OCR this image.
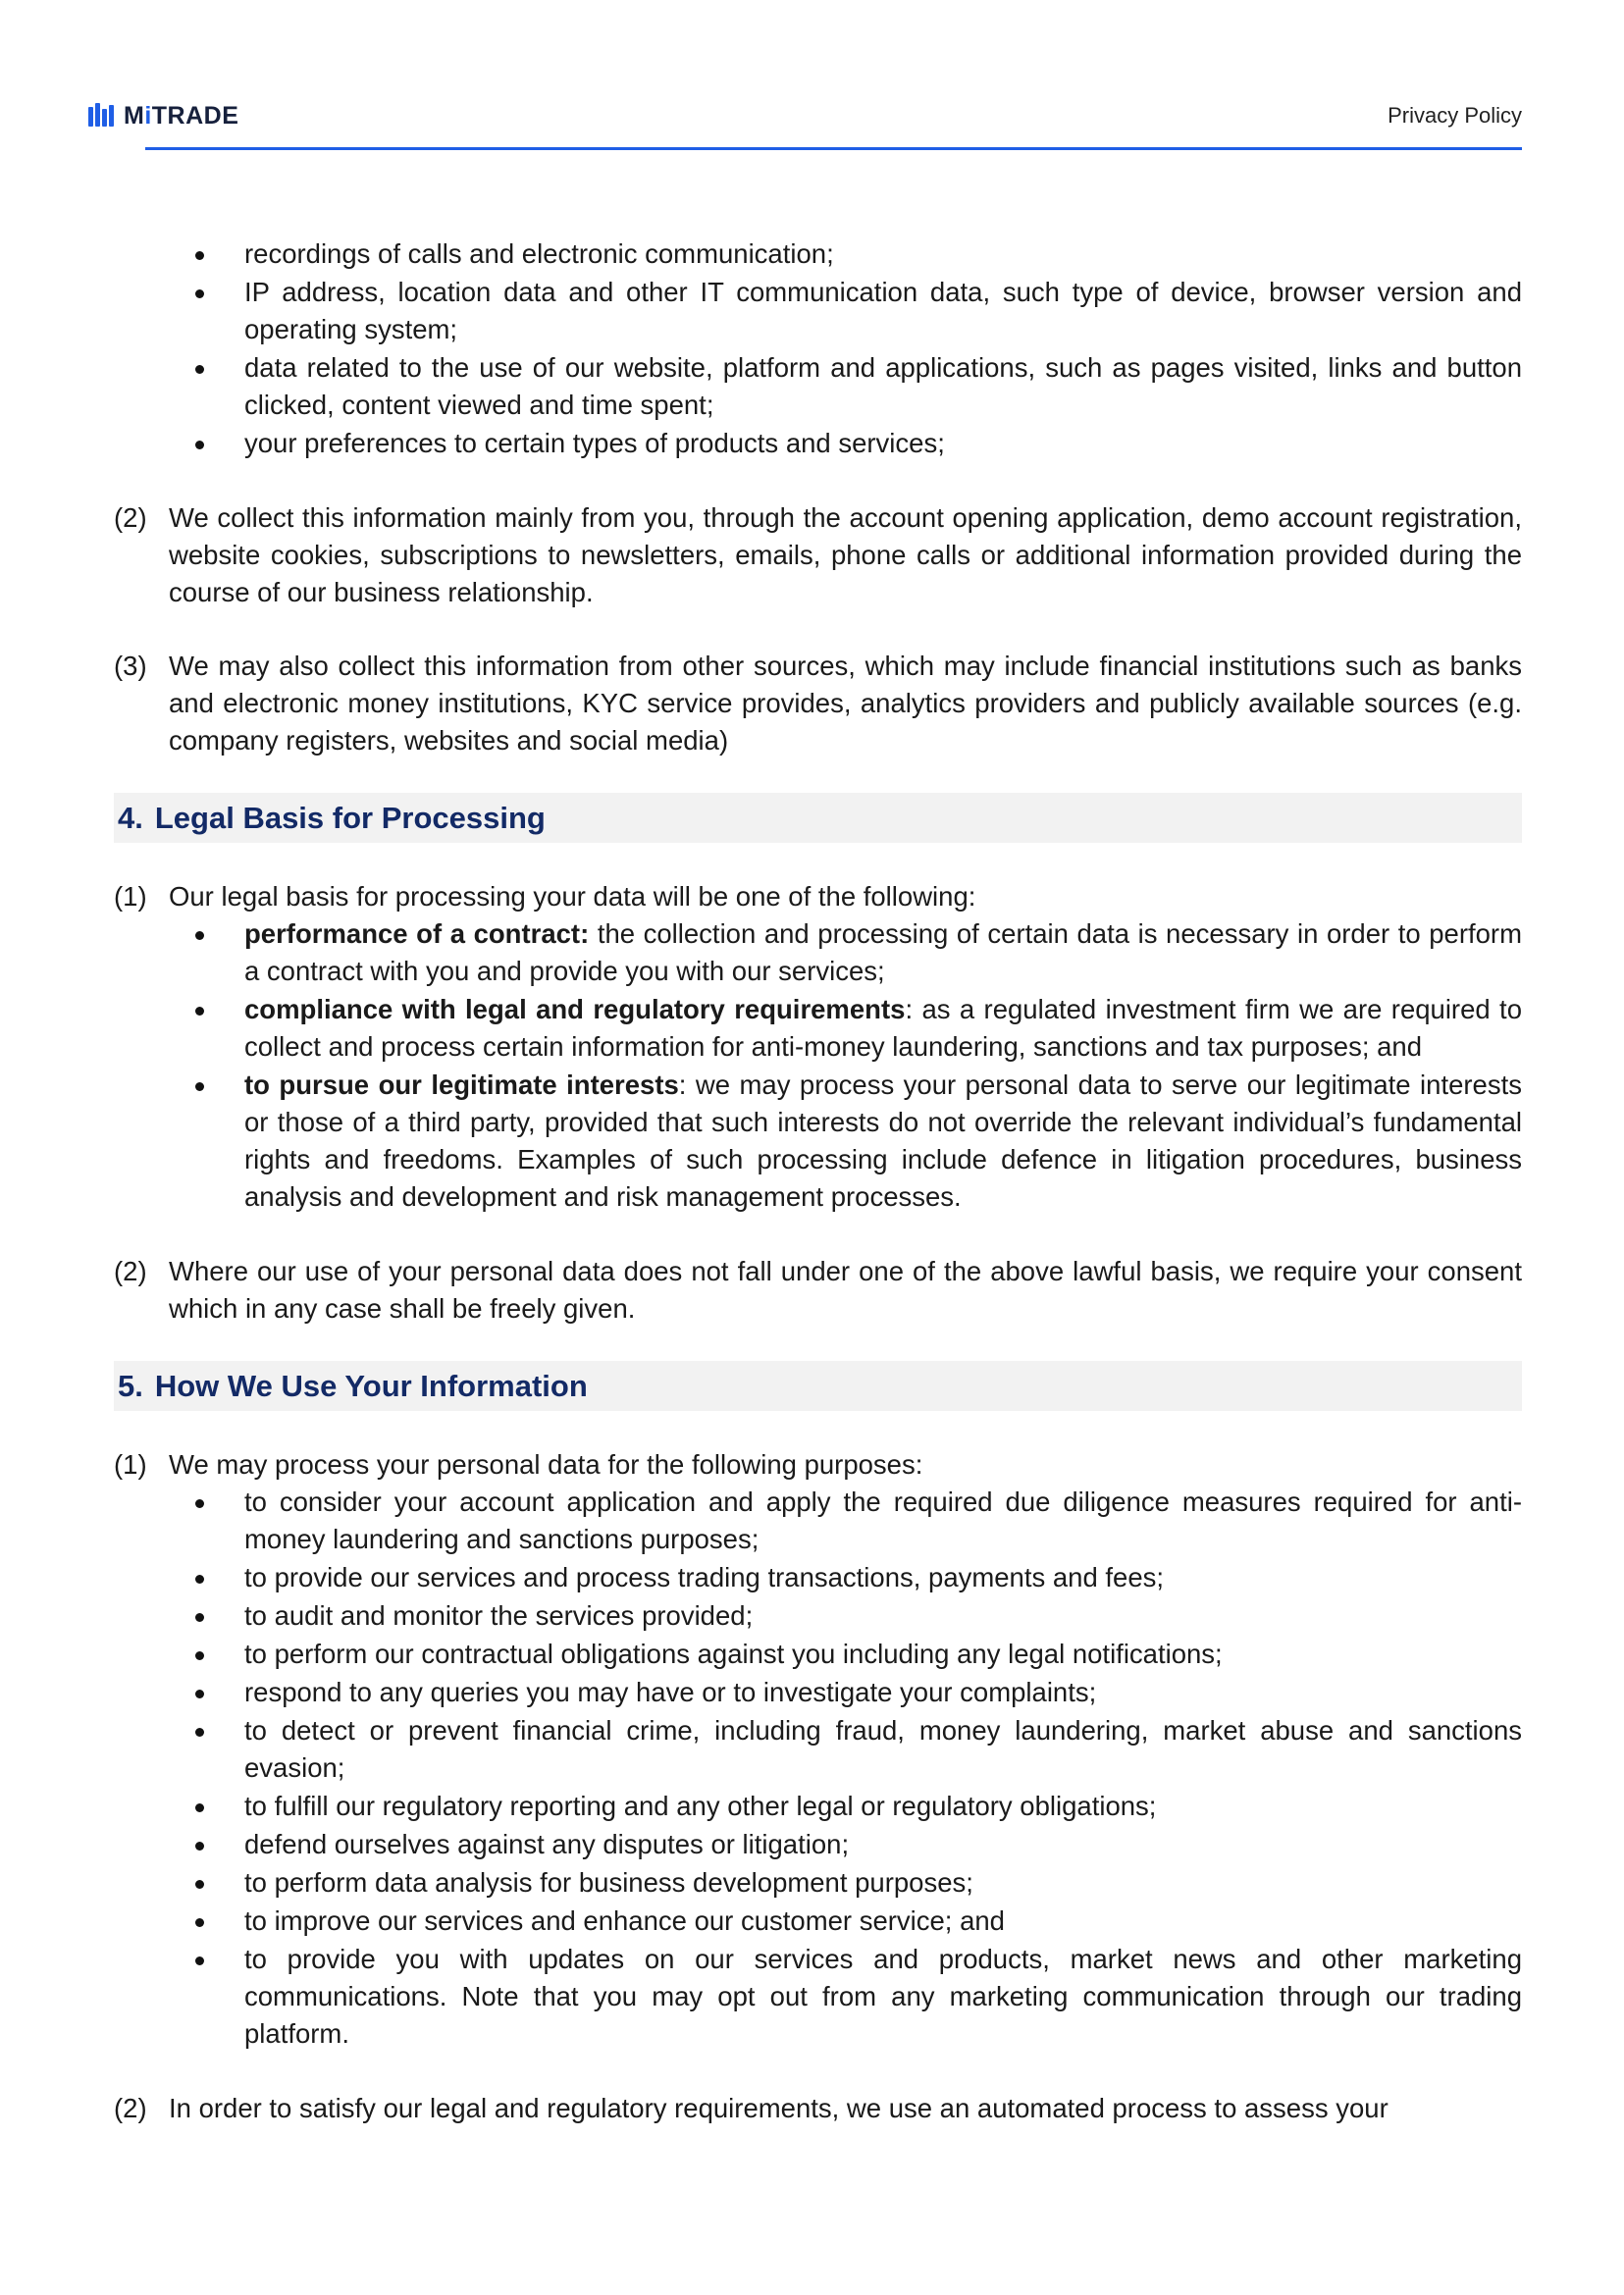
MiTRADE	Privacy Policy
recordings of calls and electronic communication;
IP address, location data and other IT communication data, such type of device, browser version and operating system;
data related to the use of our website, platform and applications, such as pages visited, links and button clicked, content viewed and time spent;
your preferences to certain types of products and services;
(2) We collect this information mainly from you, through the account opening application, demo account registration, website cookies, subscriptions to newsletters, emails, phone calls or additional information provided during the course of our business relationship.
(3) We may also collect this information from other sources, which may include financial institutions such as banks and electronic money institutions, KYC service provides, analytics providers and publicly available sources (e.g. company registers, websites and social media)
4. Legal Basis for Processing
(1) Our legal basis for processing your data will be one of the following:
performance of a contract: the collection and processing of certain data is necessary in order to perform a contract with you and provide you with our services;
compliance with legal and regulatory requirements: as a regulated investment firm we are required to collect and process certain information for anti-money laundering, sanctions and tax purposes; and
to pursue our legitimate interests: we may process your personal data to serve our legitimate interests or those of a third party, provided that such interests do not override the relevant individual’s fundamental rights and freedoms. Examples of such processing include defence in litigation procedures, business analysis and development and risk management processes.
(2) Where our use of your personal data does not fall under one of the above lawful basis, we require your consent which in any case shall be freely given.
5. How We Use Your Information
(1) We may process your personal data for the following purposes:
to consider your account application and apply the required due diligence measures required for anti-money laundering and sanctions purposes;
to provide our services and process trading transactions, payments and fees;
to audit and monitor the services provided;
to perform our contractual obligations against you including any legal notifications;
respond to any queries you may have or to investigate your complaints;
to detect or prevent financial crime, including fraud, money laundering, market abuse and sanctions evasion;
to fulfill our regulatory reporting and any other legal or regulatory obligations;
defend ourselves against any disputes or litigation;
to perform data analysis for business development purposes;
to improve our services and enhance our customer service; and
to provide you with updates on our services and products, market news and other marketing communications. Note that you may opt out from any marketing communication through our trading platform.
(2) In order to satisfy our legal and regulatory requirements, we use an automated process to assess your
